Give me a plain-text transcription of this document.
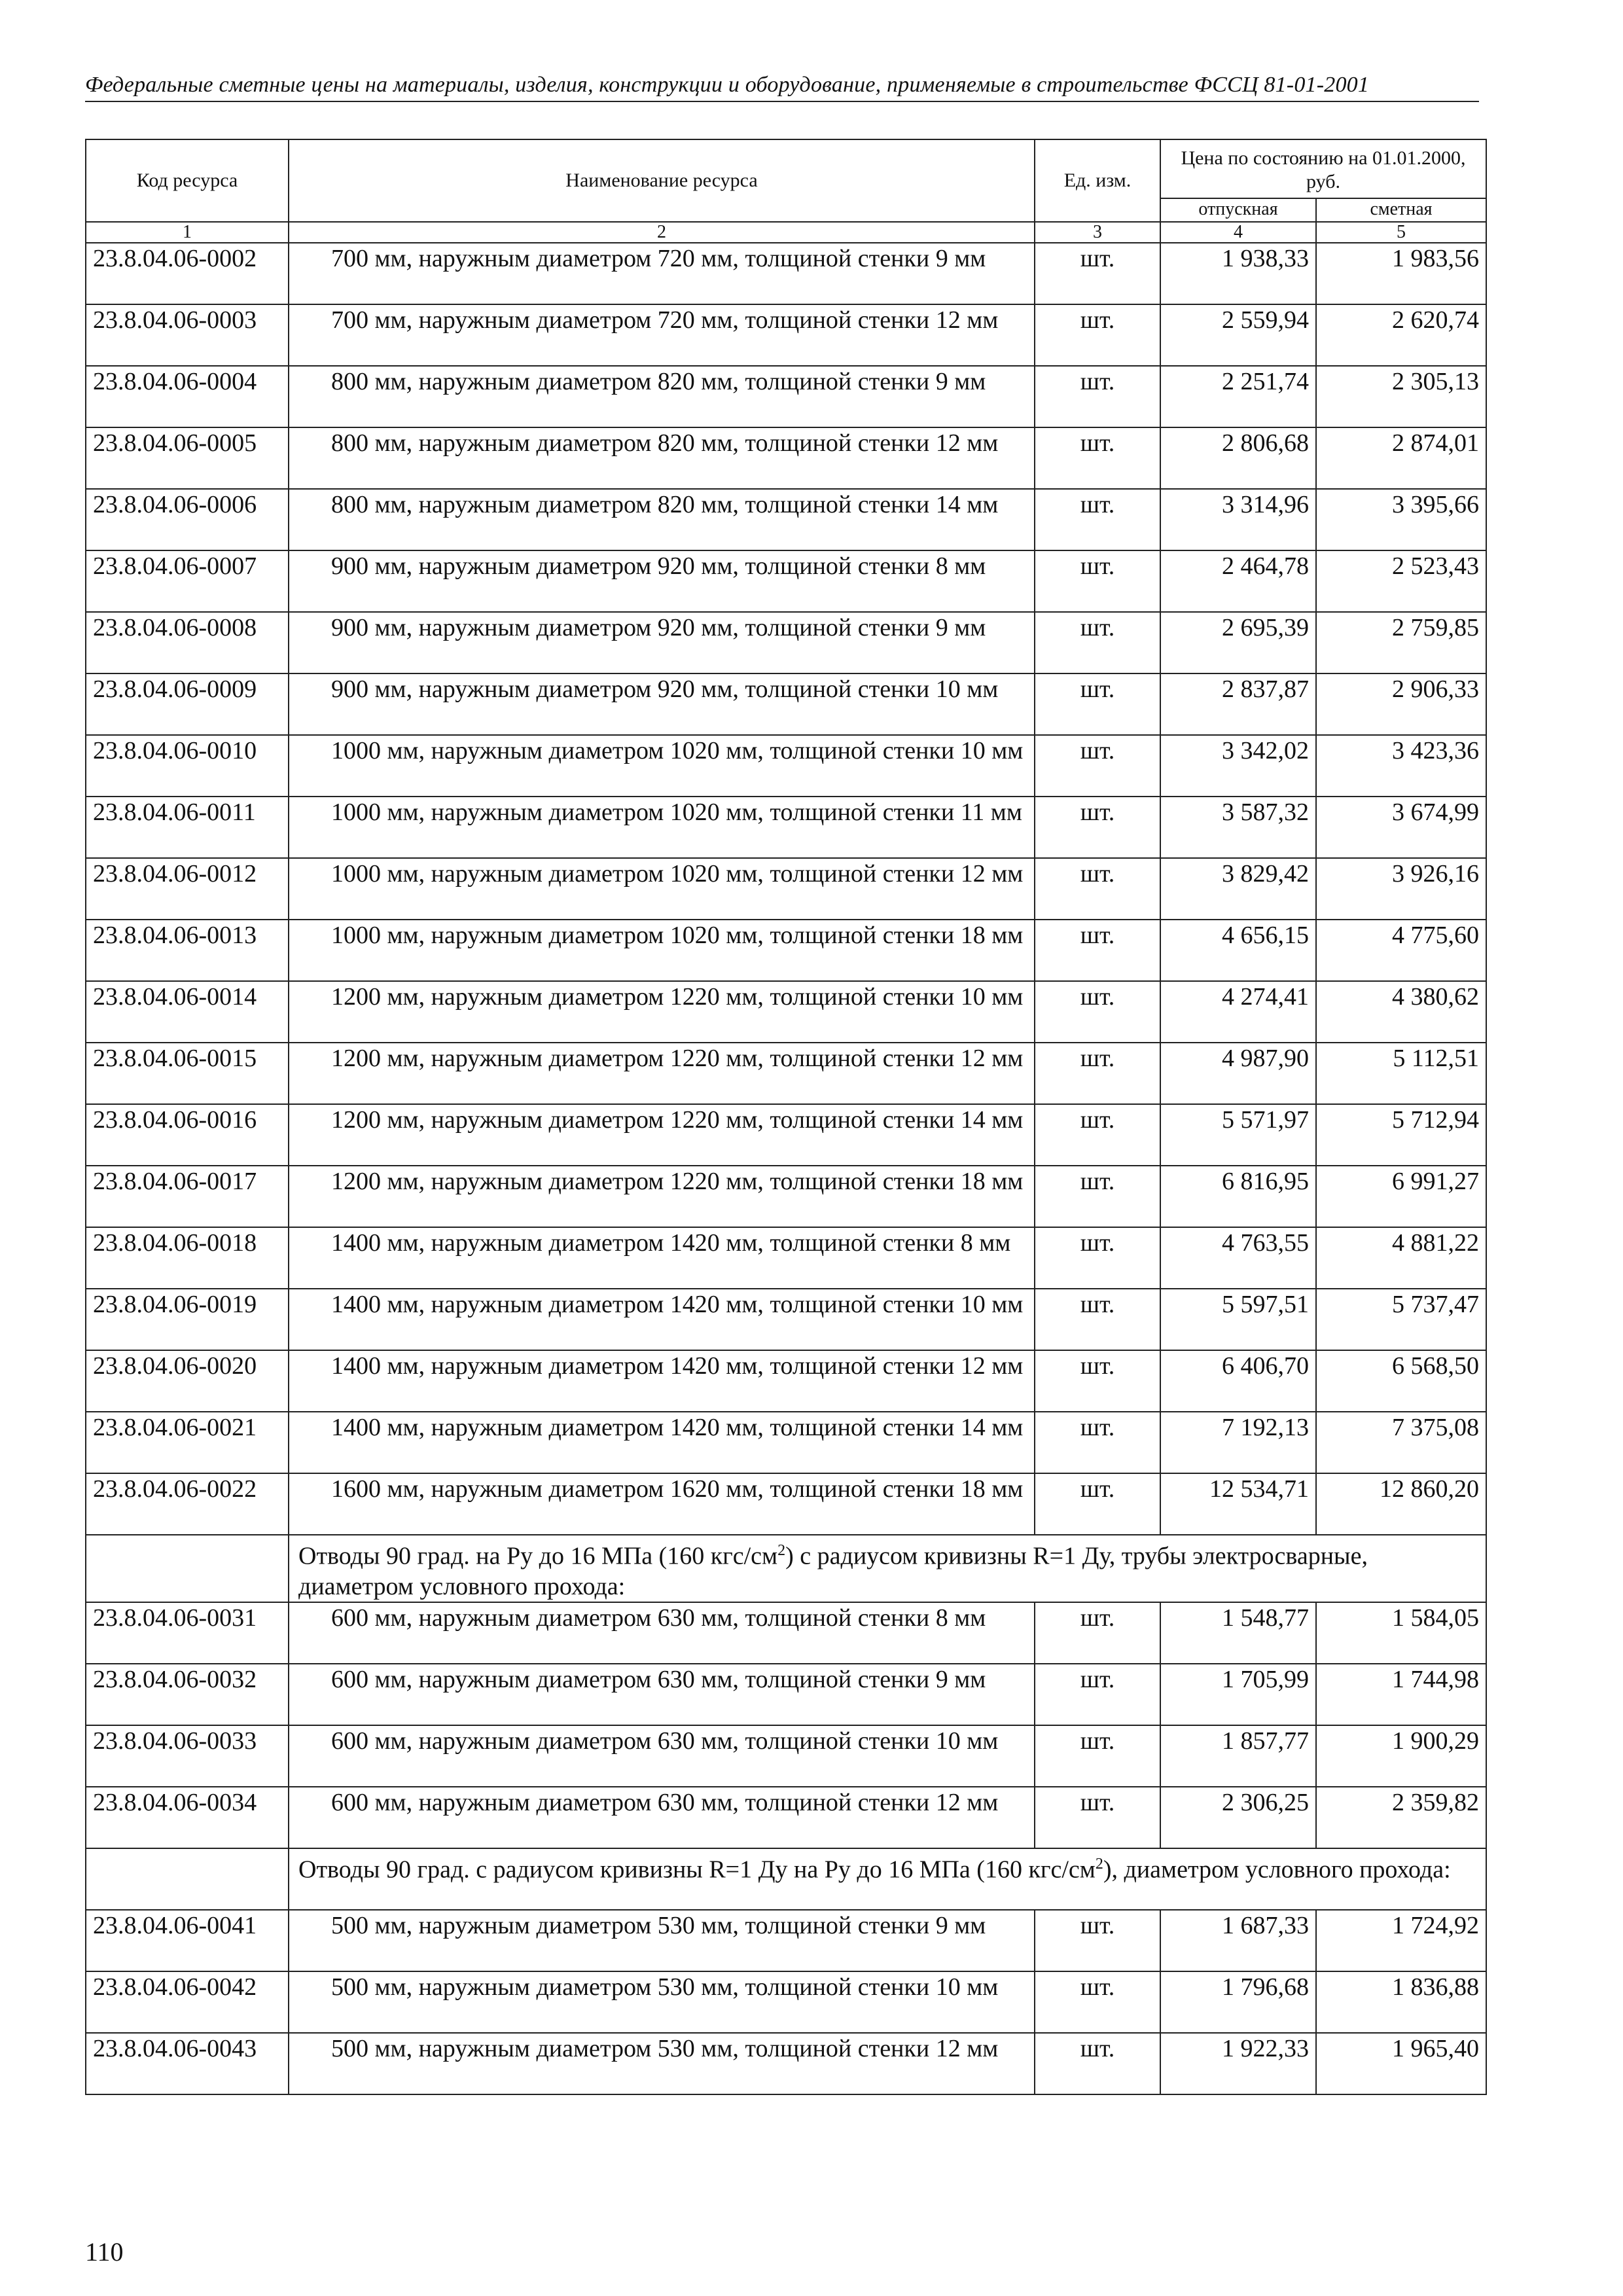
Федеральные сметные цены на материалы, изделия, конструкции и оборудование, применяемые в строительстве ФССЦ 81-01-2001
Код ресурса	Наименование ресурса	Ед. изм.	Цена по состоянию на 01.01.2000, руб.	
			отпускная	сметная
1	2	3	4	5
23.8.04.06-0002	700 мм, наружным диаметром 720 мм, толщиной стенки 9 мм	шт.	1 938,33	1 983,56
23.8.04.06-0003	700 мм, наружным диаметром 720 мм, толщиной стенки 12 мм	шт.	2 559,94	2 620,74
23.8.04.06-0004	800 мм, наружным диаметром 820 мм, толщиной стенки 9 мм	шт.	2 251,74	2 305,13
23.8.04.06-0005	800 мм, наружным диаметром 820 мм, толщиной стенки 12 мм	шт.	2 806,68	2 874,01
23.8.04.06-0006	800 мм, наружным диаметром 820 мм, толщиной стенки 14 мм	шт.	3 314,96	3 395,66
23.8.04.06-0007	900 мм, наружным диаметром 920 мм, толщиной стенки 8 мм	шт.	2 464,78	2 523,43
23.8.04.06-0008	900 мм, наружным диаметром 920 мм, толщиной стенки 9 мм	шт.	2 695,39	2 759,85
23.8.04.06-0009	900 мм, наружным диаметром 920 мм, толщиной стенки 10 мм	шт.	2 837,87	2 906,33
23.8.04.06-0010	1000 мм, наружным диаметром 1020 мм, толщиной стенки 10 мм	шт.	3 342,02	3 423,36
23.8.04.06-0011	1000 мм, наружным диаметром 1020 мм, толщиной стенки 11 мм	шт.	3 587,32	3 674,99
23.8.04.06-0012	1000 мм, наружным диаметром 1020 мм, толщиной стенки 12 мм	шт.	3 829,42	3 926,16
23.8.04.06-0013	1000 мм, наружным диаметром 1020 мм, толщиной стенки 18 мм	шт.	4 656,15	4 775,60
23.8.04.06-0014	1200 мм, наружным диаметром 1220 мм, толщиной стенки 10 мм	шт.	4 274,41	4 380,62
23.8.04.06-0015	1200 мм, наружным диаметром 1220 мм, толщиной стенки 12 мм	шт.	4 987,90	5 112,51
23.8.04.06-0016	1200 мм, наружным диаметром 1220 мм, толщиной стенки 14 мм	шт.	5 571,97	5 712,94
23.8.04.06-0017	1200 мм, наружным диаметром 1220 мм, толщиной стенки 18 мм	шт.	6 816,95	6 991,27
23.8.04.06-0018	1400 мм, наружным диаметром 1420 мм, толщиной стенки 8 мм	шт.	4 763,55	4 881,22
23.8.04.06-0019	1400 мм, наружным диаметром 1420 мм, толщиной стенки 10 мм	шт.	5 597,51	5 737,47
23.8.04.06-0020	1400 мм, наружным диаметром 1420 мм, толщиной стенки 12 мм	шт.	6 406,70	6 568,50
23.8.04.06-0021	1400 мм, наружным диаметром 1420 мм, толщиной стенки 14 мм	шт.	7 192,13	7 375,08
23.8.04.06-0022	1600 мм, наружным диаметром 1620 мм, толщиной стенки 18 мм	шт.	12 534,71	12 860,20
	Отводы 90 град. на Ру до 16 МПа (160 кгс/$см^2$) с радиусом кривизны R=1 Ду, трубы электросварные, диаметром условного прохода:			
23.8.04.06-0031	600 мм, наружным диаметром 630 мм, толщиной стенки 8 мм	шт.	1 548,77	1 584,05
23.8.04.06-0032	600 мм, наружным диаметром 630 мм, толщиной стенки 9 мм	шт.	1 705,99	1 744,98
23.8.04.06-0033	600 мм, наружным диаметром 630 мм, толщиной стенки 10 мм	шт.	1 857,77	1 900,29
23.8.04.06-0034	600 мм, наружным диаметром 630 мм, толщиной стенки 12 мм	шт.	2 306,25	2 359,82
	Отводы 90 град. с радиусом кривизны R=1 Ду на Ру до 16 МПа (160 кгс/$см^2$), диаметром условного прохода:			
23.8.04.06-0041	500 мм, наружным диаметром 530 мм, толщиной стенки 9 мм	шт.	1 687,33	1 724,92
23.8.04.06-0042	500 мм, наружным диаметром 530 мм, толщиной стенки 10 мм	шт.	1 796,68	1 836,88
23.8.04.06-0043	500 мм, наружным диаметром 530 мм, толщиной стенки 12 мм	шт.	1 922,33	1 965,40
110
